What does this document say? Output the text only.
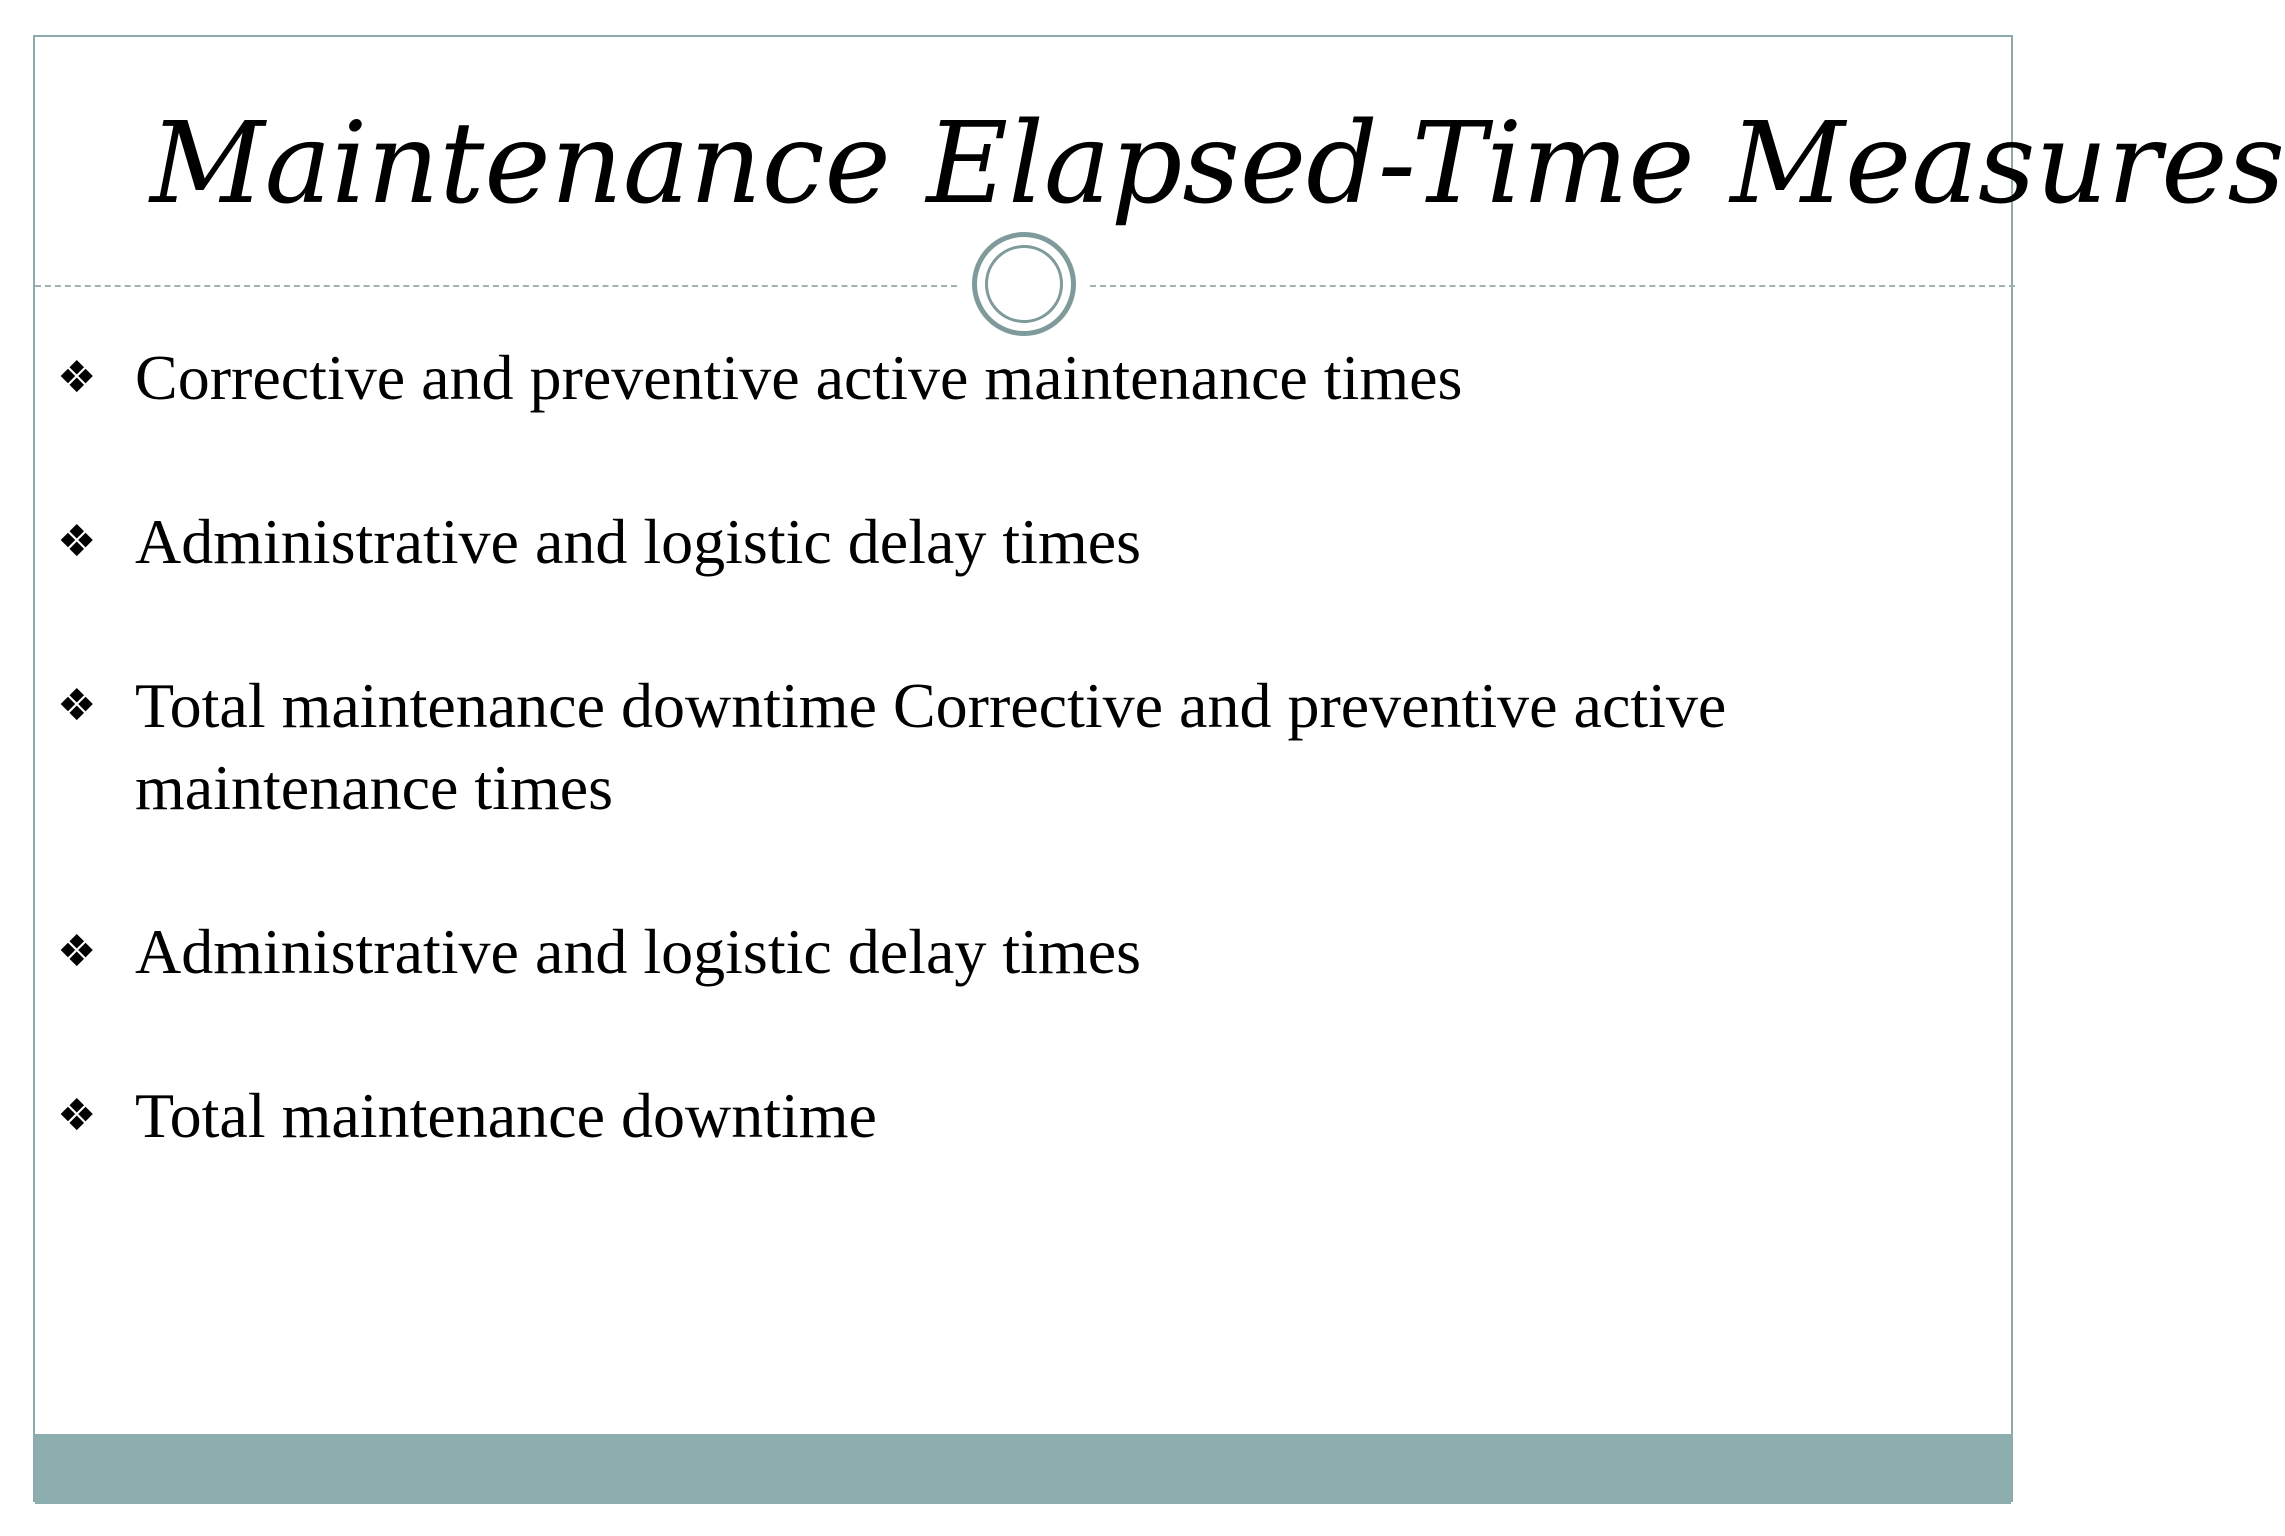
Maintenance Elapsed-Time Measures
❖ Corrective and preventive active maintenance times
❖ Administrative and logistic delay times
❖ Total maintenance downtime Corrective and preventive active maintenance times
❖ Administrative and logistic delay times
❖ Total maintenance downtime
